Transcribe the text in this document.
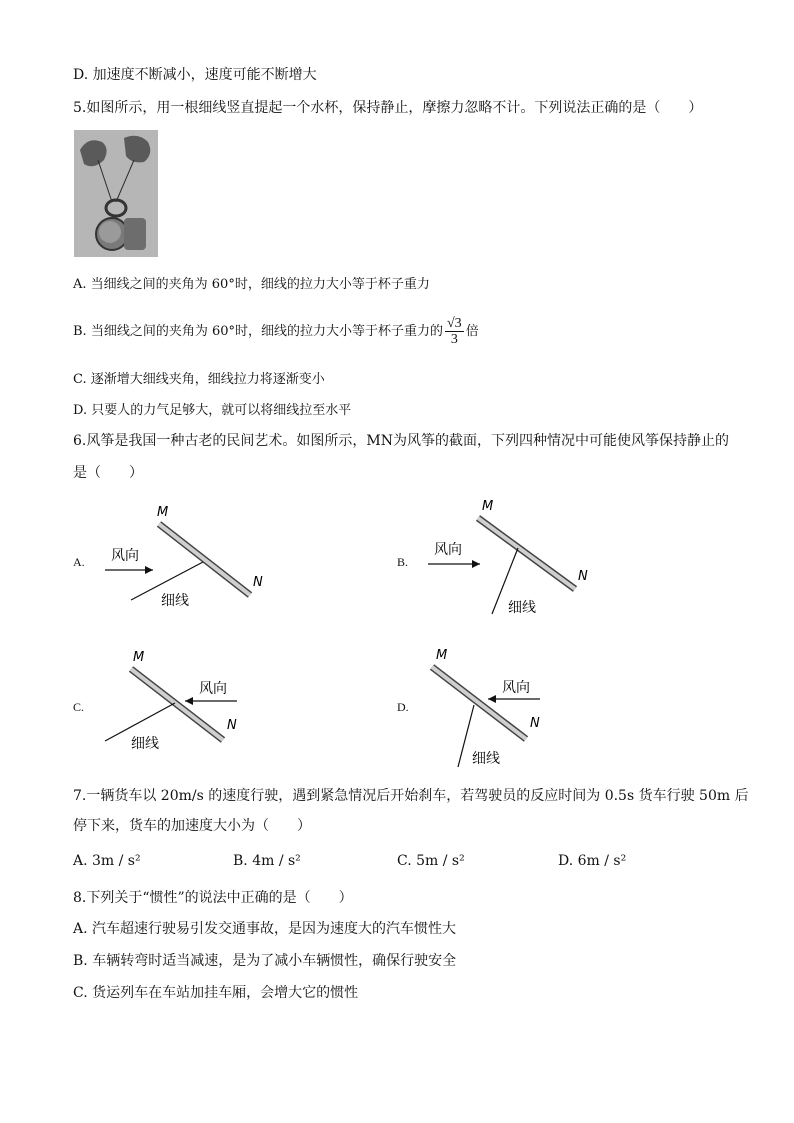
D. 加速度不断减小，速度可能不断增大
5.如图所示，用一根细线竖直提起一个水杯，保持静止，摩擦力忽略不计。下列说法正确的是（　　）
A. 当细线之间的夹角为 60°时，细线的拉力大小等于杯子重力
B. 当细线之间的夹角为 60°时，细线的拉力大小等于杯子重力的 $\frac{√3}{3}$ 倍
C. 逐渐增大细线夹角，细线拉力将逐渐变小
D. 只要人的力气足够大，就可以将细线拉至水平
6.风筝是我国一种古老的民间艺术。如图所示，MN为风筝的截面，下列四种情况中可能使风筝保持静止的
是（　　）
A.
M
N
风向
细线
B.
M
N
风向
细线
C.
M
N
风向
细线
D.
M
N
风向
细线
7.一辆货车以 20m/s 的速度行驶，遇到紧急情况后开始刹车，若驾驶员的反应时间为 0.5s 货车行驶 50m 后
停下来，货车的加速度大小为（　　）
A. 3m / s²	B. 4m / s²	C. 5m / s²	D. 6m / s²
8.下列关于“惯性”的说法中正确的是（　　）
A. 汽车超速行驶易引发交通事故，是因为速度大的汽车惯性大
B. 车辆转弯时适当减速，是为了减小车辆惯性，确保行驶安全
C. 货运列车在车站加挂车厢，会增大它的惯性
